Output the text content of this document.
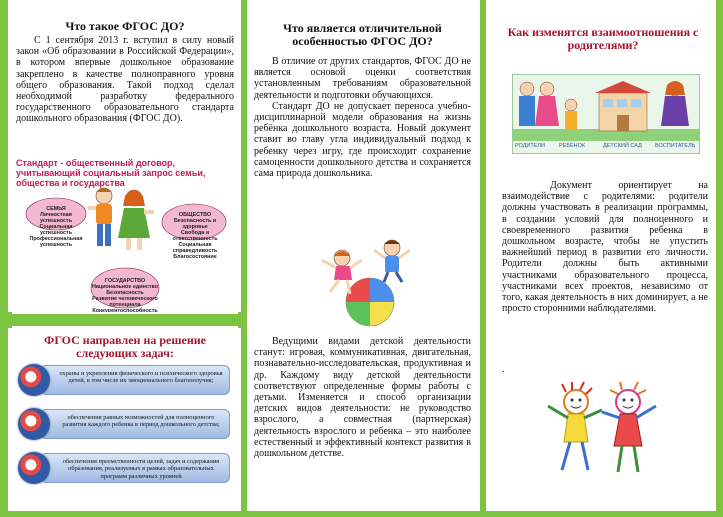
Что такое ФГОС ДО?

С 1 сентября 2013 г. вступил в силу новый закон «Об образовании в Российской Федерации», в котором впервые дошкольное образование закреплено в качестве полноправного уровня общего образования. Такой подход сделал необходимой разработку федерального государственного образовательного стандарта дошкольного образования (ФГОС ДО).

Стандарт - общественный договор, учитывающий социальный запрос семьи, общества и государства
СЕМЬЯ
Личностная успешность
Социальная успешность
Профессиональная успешность
ОБЩЕСТВО
Безопасность и здоровье
Свобода и ответственность
Социальная справедливость
Благосостояние
ГОСУДАРСТВО
Национальное единство
Безопасность
Развитие человеческого потенциала
Конкурентоспособность

ФГОС направлен на решение следующих задач:

охраны и укрепления физического и психического здоровья детей, в том числе их эмоционального благополучия;
обеспечения равных возможностей для полноценного развития каждого ребенка в период дошкольного детства;
обеспечения преемственности целей, задач и содержания образования, реализуемых в рамках образовательных программ различных уровней

Что является отличительной особенностью ФГОС ДО?

В отличие от других стандартов, ФГОС ДО не является основой оценки соответствия установленным требованиям образовательной деятельности и подготовки обучающихся.

Стандарт ДО не допускает переноса учебно-дисциплинарной модели образования на жизнь ребёнка дошкольного возраста. Новый документ ставит во главу угла индивидуальный подход к ребенку через игру, где происходит сохранение самоценности дошкольного детства и сохраняется сама природа дошкольника.

Ведущими видами детской деятельности станут: игровая, коммуникативная, двигательная, познавательно-исследовательская, продуктивная и др. Каждому виду детской деятельности соответствуют определенные формы работы с детьми. Изменяется и способ организации детских видов деятельности: не руководство взрослого, а совместная (партнерская) деятельность взрослого и ребенка – это наиболее естественный и эффективный контекст развития в дошкольном детстве.

Как изменятся взаимоотношения с родителями?

РОДИТЕЛИ	РЕБЁНОК	ДЕТСКИЙ САД ВОСПИТАТЕЛЬ

Документ ориентирует на взаимодействие с родителями: родители должны участвовать в реализации программы, в создании условий для полноценного и своевременного развития ребенка в дошкольном возрасте, чтобы не упустить важнейший период в развитии его личности. Родители должны быть активными участниками образовательного процесса, участниками всех проектов, независимо от того, какая деятельность в них доминирует, а не просто сторонними наблюдателями.

.
